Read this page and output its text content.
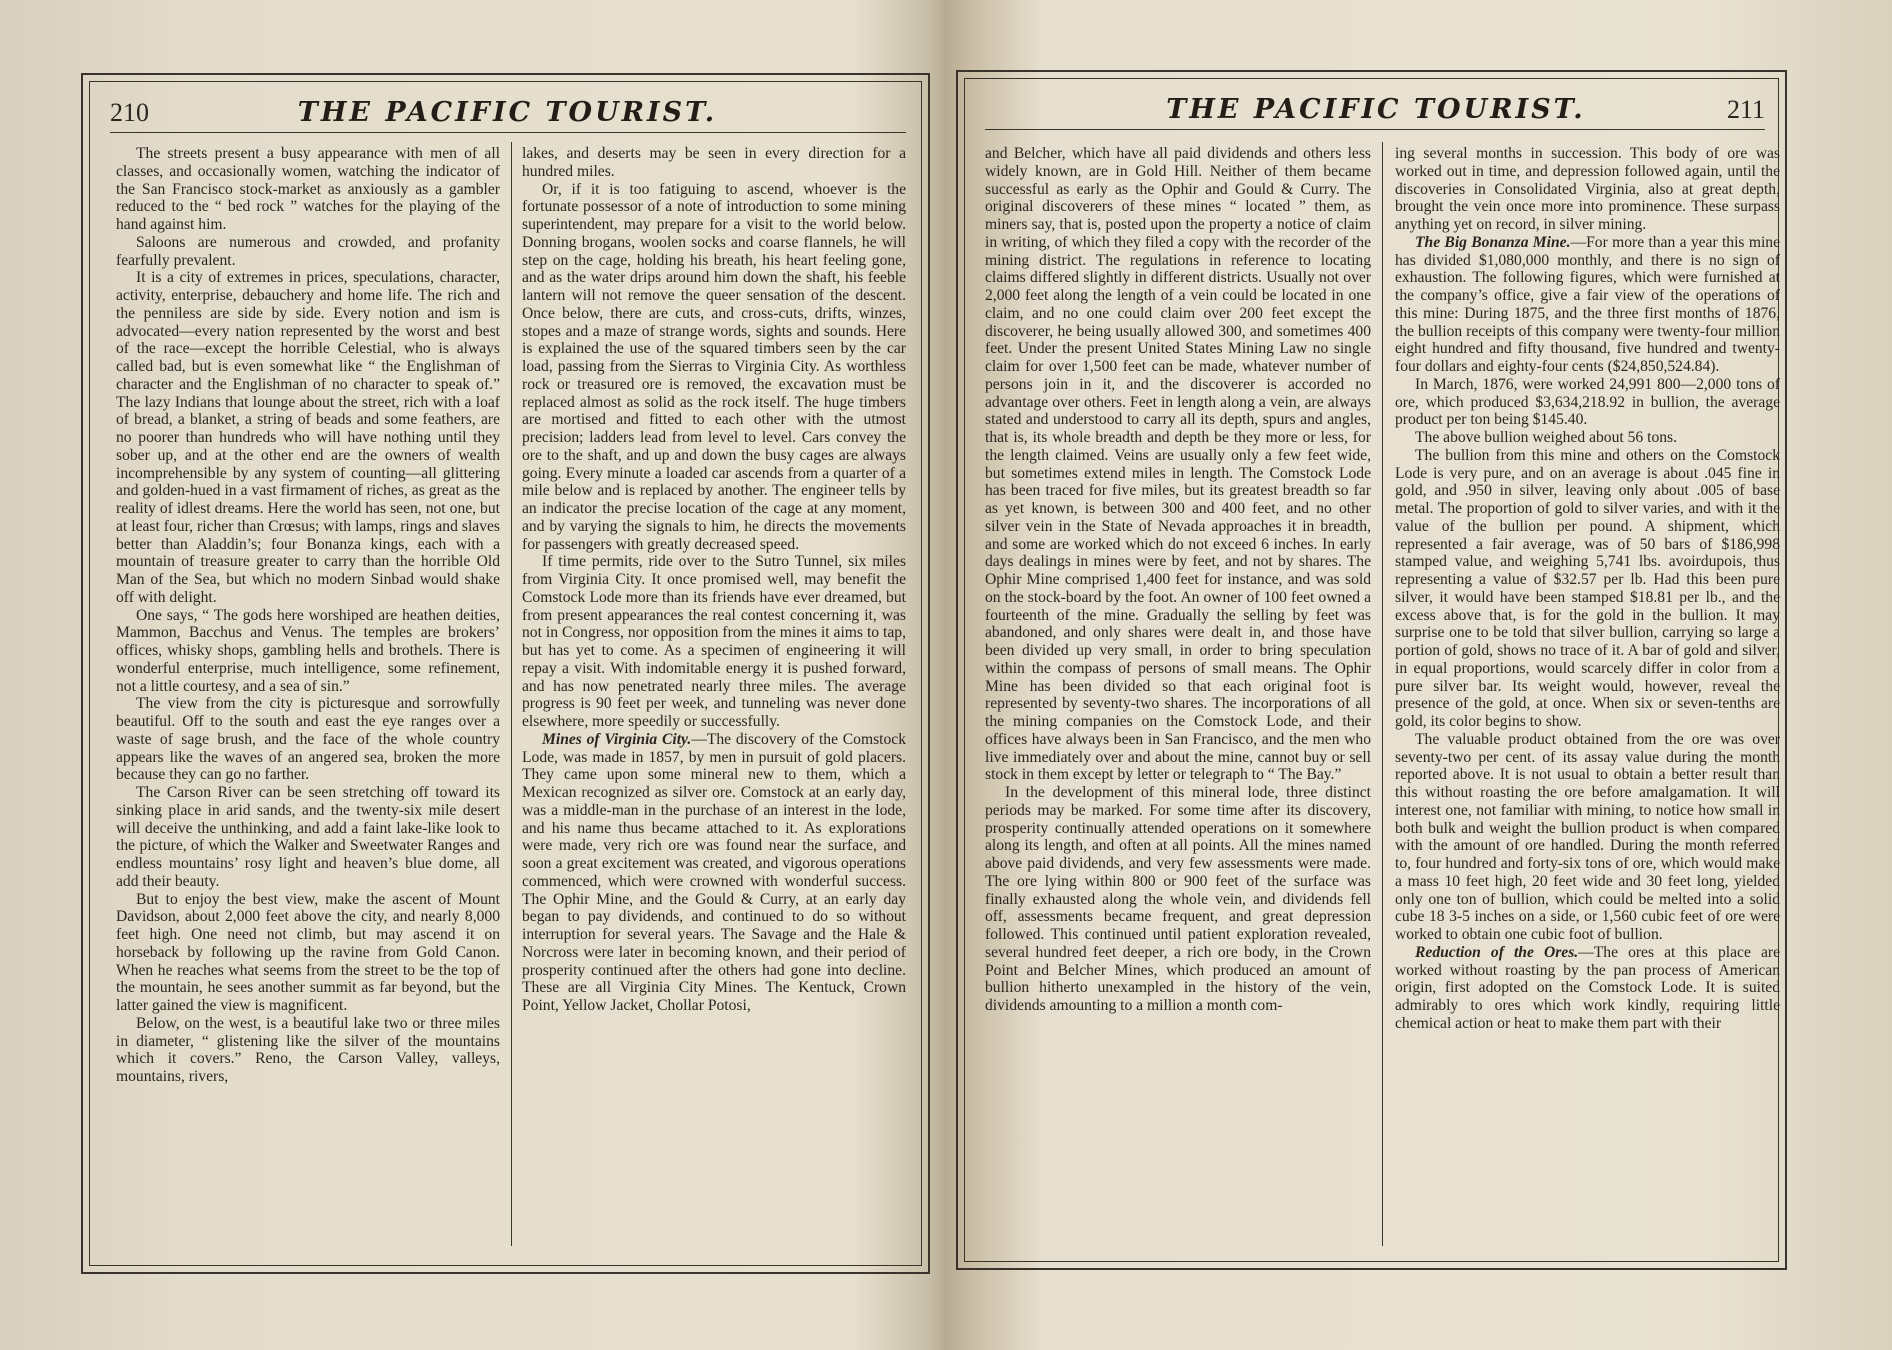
210	THE PACIFIC TOURIST.	THE PACIFIC TOURIST.	211

The streets present a busy appearance with men of all classes, and occasionally women, watching the indicator of the San Francisco stock-market as anxiously as a gambler reduced to the “ bed rock ” watches for the playing of the hand against him.

Saloons are numerous and crowded, and profanity fearfully prevalent.

It is a city of extremes in prices, speculations, character, activity, enterprise, debauchery and home life. The rich and the penniless are side by side. Every notion and ism is advocated—every nation represented by the worst and best of the race—except the horrible Celestial, who is always called bad, but is even somewhat like “ the Englishman of character and the Englishman of no character to speak of.” The lazy Indians that lounge about the street, rich with a loaf of bread, a blanket, a string of beads and some feathers, are no poorer than hundreds who will have nothing until they sober up, and at the other end are the owners of wealth incomprehensible by any system of counting—all glittering and golden-hued in a vast firmament of riches, as great as the reality of idlest dreams. Here the world has seen, not one, but at least four, richer than Crœsus; with lamps, rings and slaves better than Aladdin’s; four Bonanza kings, each with a mountain of treasure greater to carry than the horrible Old Man of the Sea, but which no modern Sinbad would shake off with delight.

One says, “ The gods here worshiped are heathen deities, Mammon, Bacchus and Venus. The temples are brokers’ offices, whisky shops, gambling hells and brothels. There is wonderful enterprise, much intelligence, some refinement, not a little courtesy, and a sea of sin.”

The view from the city is picturesque and sorrowfully beautiful. Off to the south and east the eye ranges over a waste of sage brush, and the face of the whole country appears like the waves of an angered sea, broken the more because they can go no farther.

The Carson River can be seen stretching off toward its sinking place in arid sands, and the twenty-six mile desert will deceive the unthinking, and add a faint lake-like look to the picture, of which the Walker and Sweetwater Ranges and endless mountains’ rosy light and heaven’s blue dome, all add their beauty.

But to enjoy the best view, make the ascent of Mount Davidson, about 2,000 feet above the city, and nearly 8,000 feet high. One need not climb, but may ascend it on horseback by following up the ravine from Gold Canon. When he reaches what seems from the street to be the top of the mountain, he sees another summit as far beyond, but the latter gained the view is magnificent.

Below, on the west, is a beautiful lake two or three miles in diameter, “ glistening like the silver of the mountains which it covers.” Reno, the Carson Valley, valleys, mountains, rivers,

lakes, and deserts may be seen in every direction for a hundred miles.

Or, if it is too fatiguing to ascend, whoever is the fortunate possessor of a note of introduction to some mining superintendent, may prepare for a visit to the world below. Donning brogans, woolen socks and coarse flannels, he will step on the cage, holding his breath, his heart feeling gone, and as the water drips around him down the shaft, his feeble lantern will not remove the queer sensation of the descent. Once below, there are cuts, and cross-cuts, drifts, winzes, stopes and a maze of strange words, sights and sounds. Here is explained the use of the squared timbers seen by the car load, passing from the Sierras to Virginia City. As worthless rock or treasured ore is removed, the excavation must be replaced almost as solid as the rock itself. The huge timbers are mortised and fitted to each other with the utmost precision; ladders lead from level to level. Cars convey the ore to the shaft, and up and down the busy cages are always going. Every minute a loaded car ascends from a quarter of a mile below and is replaced by another. The engineer tells by an indicator the precise location of the cage at any moment, and by varying the signals to him, he directs the movements for passengers with greatly decreased speed.

If time permits, ride over to the Sutro Tunnel, six miles from Virginia City. It once promised well, may benefit the Comstock Lode more than its friends have ever dreamed, but from present appearances the real contest concerning it, was not in Congress, nor opposition from the mines it aims to tap, but has yet to come. As a specimen of engineering it will repay a visit. With indomitable energy it is pushed forward, and has now penetrated nearly three miles. The average progress is 90 feet per week, and tunneling was never done elsewhere, more speedily or successfully.

Mines of Virginia City.—The discovery of the Comstock Lode, was made in 1857, by men in pursuit of gold placers. They came upon some mineral new to them, which a Mexican recognized as silver ore. Comstock at an early day, was a middle-man in the purchase of an interest in the lode, and his name thus became attached to it. As explorations were made, very rich ore was found near the surface, and soon a great excitement was created, and vigorous operations commenced, which were crowned with wonderful success. The Ophir Mine, and the Gould & Curry, at an early day began to pay dividends, and continued to do so without interruption for several years. The Savage and the Hale & Norcross were later in becoming known, and their period of prosperity continued after the others had gone into decline. These are all Virginia City Mines. The Kentuck, Crown Point, Yellow Jacket, Chollar Potosi,

and Belcher, which have all paid dividends and others less widely known, are in Gold Hill. Neither of them became successful as early as the Ophir and Gould & Curry. The original discoverers of these mines “ located ” them, as miners say, that is, posted upon the property a notice of claim in writing, of which they filed a copy with the recorder of the mining district. The regulations in reference to locating claims differed slightly in different districts. Usually not over 2,000 feet along the length of a vein could be located in one claim, and no one could claim over 200 feet except the discoverer, he being usually allowed 300, and sometimes 400 feet. Under the present United States Mining Law no single claim for over 1,500 feet can be made, whatever number of persons join in it, and the discoverer is accorded no advantage over others. Feet in length along a vein, are always stated and understood to carry all its depth, spurs and angles, that is, its whole breadth and depth be they more or less, for the length claimed. Veins are usually only a few feet wide, but sometimes extend miles in length. The Comstock Lode has been traced for five miles, but its greatest breadth so far as yet known, is between 300 and 400 feet, and no other silver vein in the State of Nevada approaches it in breadth, and some are worked which do not exceed 6 inches. In early days dealings in mines were by feet, and not by shares. The Ophir Mine comprised 1,400 feet for instance, and was sold on the stock-board by the foot. An owner of 100 feet owned a fourteenth of the mine. Gradually the selling by feet was abandoned, and only shares were dealt in, and those have been divided up very small, in order to bring speculation within the compass of persons of small means. The Ophir Mine has been divided so that each original foot is represented by seventy-two shares. The incorporations of all the mining companies on the Comstock Lode, and their offices have always been in San Francisco, and the men who live immediately over and about the mine, cannot buy or sell stock in them except by letter or telegraph to “ The Bay.”

In the development of this mineral lode, three distinct periods may be marked. For some time after its discovery, prosperity continually attended operations on it somewhere along its length, and often at all points. All the mines named above paid dividends, and very few assessments were made. The ore lying within 800 or 900 feet of the surface was finally exhausted along the whole vein, and dividends fell off, assessments became frequent, and great depression followed. This continued until patient exploration revealed, several hundred feet deeper, a rich ore body, in the Crown Point and Belcher Mines, which produced an amount of bullion hitherto unexampled in the history of the vein, dividends amounting to a million a month com-

ing several months in succession. This body of ore was worked out in time, and depression followed again, until the discoveries in Consolidated Virginia, also at great depth, brought the vein once more into prominence. These surpass anything yet on record, in silver mining.

The Big Bonanza Mine.—For more than a year this mine has divided $1,080,000 monthly, and there is no sign of exhaustion. The following figures, which were furnished at the company’s office, give a fair view of the operations of this mine: During 1875, and the three first months of 1876, the bullion receipts of this company were twenty-four million eight hundred and fifty thousand, five hundred and twenty-four dollars and eighty-four cents ($24,850,524.84).

In March, 1876, were worked 24,991 800—2,000 tons of ore, which produced $3,634,218.92 in bullion, the average product per ton being $145.40.

The above bullion weighed about 56 tons.

The bullion from this mine and others on the Comstock Lode is very pure, and on an average is about .045 fine in gold, and .950 in silver, leaving only about .005 of base metal. The proportion of gold to silver varies, and with it the value of the bullion per pound. A shipment, which represented a fair average, was of 50 bars of $186,998 stamped value, and weighing 5,741 lbs. avoirdupois, thus representing a value of $32.57 per lb. Had this been pure silver, it would have been stamped $18.81 per lb., and the excess above that, is for the gold in the bullion. It may surprise one to be told that silver bullion, carrying so large a portion of gold, shows no trace of it. A bar of gold and silver, in equal proportions, would scarcely differ in color from a pure silver bar. Its weight would, however, reveal the presence of the gold, at once. When six or seven-tenths are gold, its color begins to show.

The valuable product obtained from the ore was over seventy-two per cent. of its assay value during the month reported above. It is not usual to obtain a better result than this without roasting the ore before amalgamation. It will interest one, not familiar with mining, to notice how small in both bulk and weight the bullion product is when compared with the amount of ore handled. During the month referred to, four hundred and forty-six tons of ore, which would make a mass 10 feet high, 20 feet wide and 30 feet long, yielded only one ton of bullion, which could be melted into a solid cube 18 3-5 inches on a side, or 1,560 cubic feet of ore were worked to obtain one cubic foot of bullion.

Reduction of the Ores.—The ores at this place are worked without roasting by the pan process of American origin, first adopted on the Comstock Lode. It is suited admirably to ores which work kindly, requiring little chemical action or heat to make them part with their
